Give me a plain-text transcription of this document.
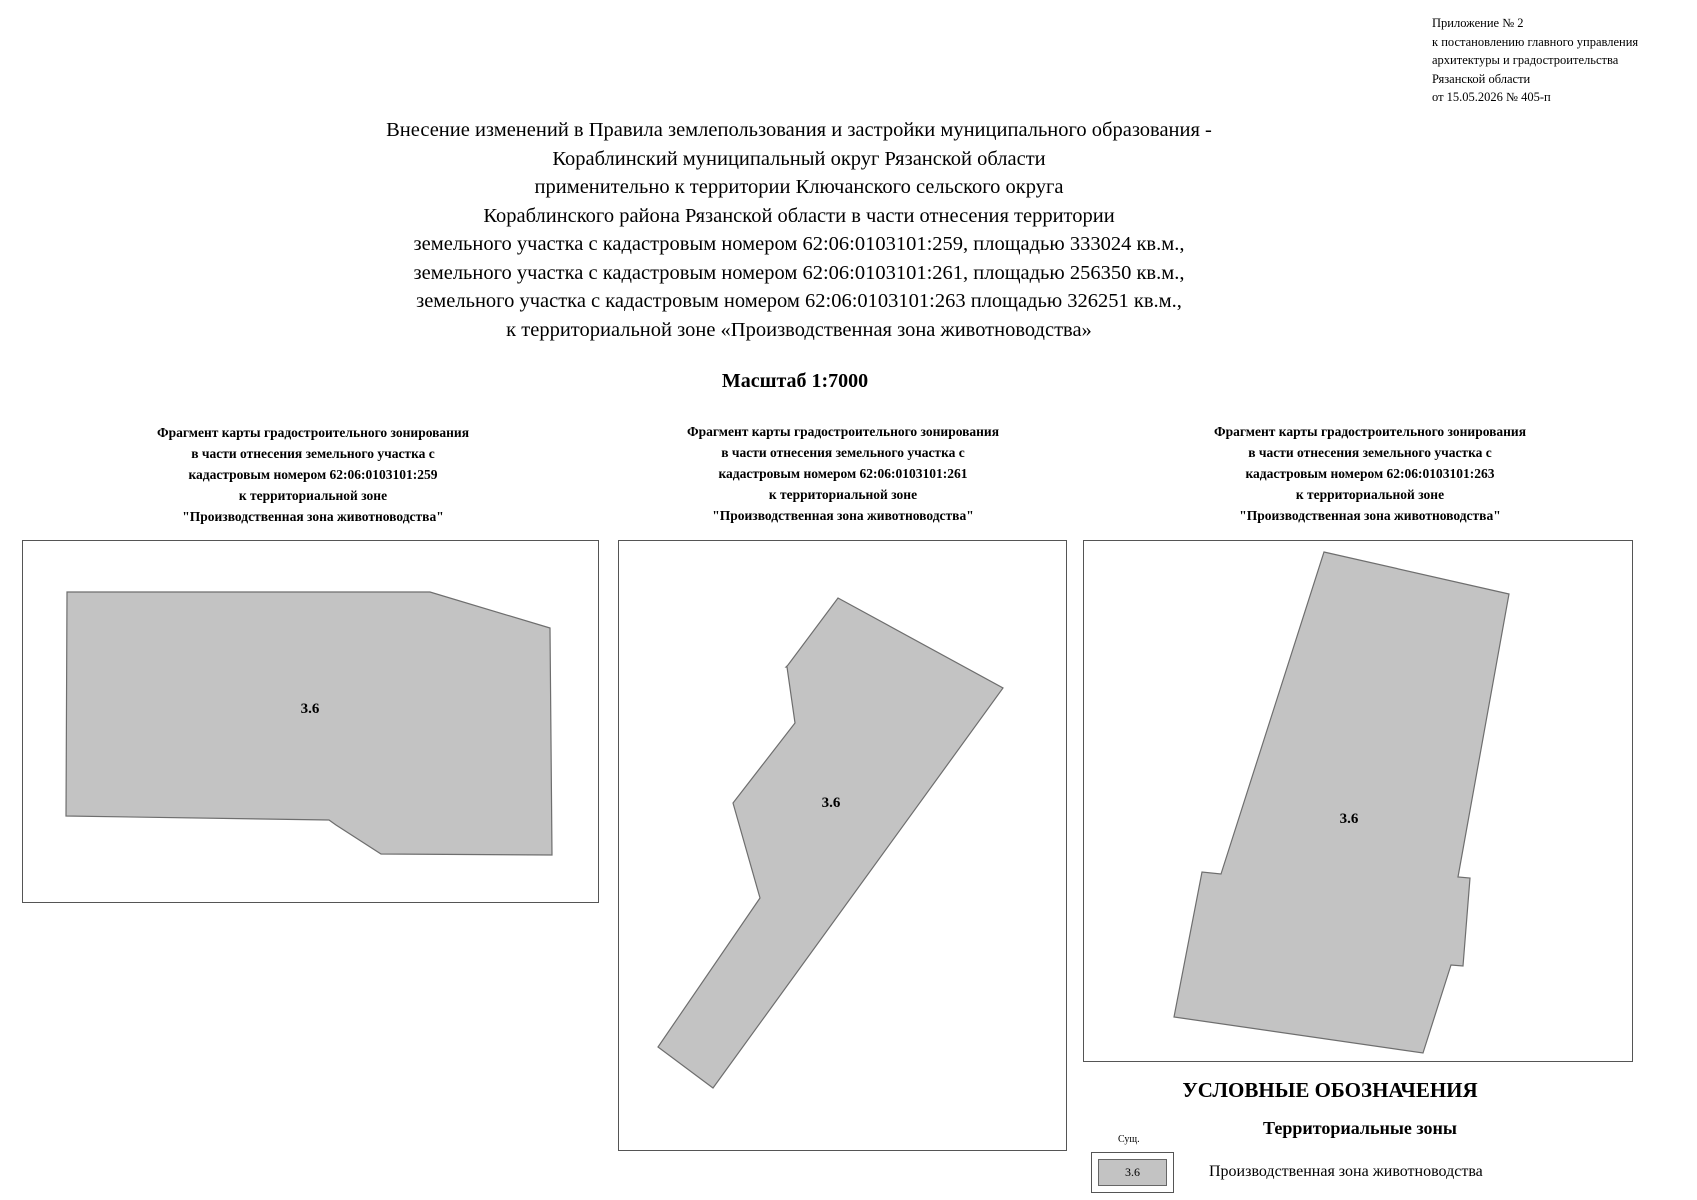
Приложение № 2
к постановлению главного управления
архитектуры и градостроительства
Рязанской области
от 15.05.2026 № 405-п
Внесение изменений в Правила землепользования и застройки муниципального образования -
Кораблинский муниципальный округ Рязанской области
применительно к территории Ключанского сельского округа
Кораблинского района Рязанской области в части отнесения территории
земельного участка с кадастровым номером 62:06:0103101:259, площадью 333024 кв.м.,
земельного участка с кадастровым номером 62:06:0103101:261, площадью 256350 кв.м.,
земельного участка с кадастровым номером 62:06:0103101:263 площадью 326251 кв.м.,
к территориальной зоне «Производственная зона животноводства»
Масштаб 1:7000
Фрагмент карты градостроительного зонирования
в части отнесения земельного участка с
кадастровым номером 62:06:0103101:259
к территориальной зоне
"Производственная зона животноводства"
Фрагмент карты градостроительного зонирования
в части отнесения земельного участка с
кадастровым номером 62:06:0103101:261
к территориальной зоне
"Производственная зона животноводства"
Фрагмент карты градостроительного зонирования
в части отнесения земельного участка с
кадастровым номером 62:06:0103101:263
к территориальной зоне
"Производственная зона животноводства"
3.6
3.6
3.6
УСЛОВНЫЕ ОБОЗНАЧЕНИЯ
Территориальные зоны
Сущ.
3.6	Производственная зона животноводства
